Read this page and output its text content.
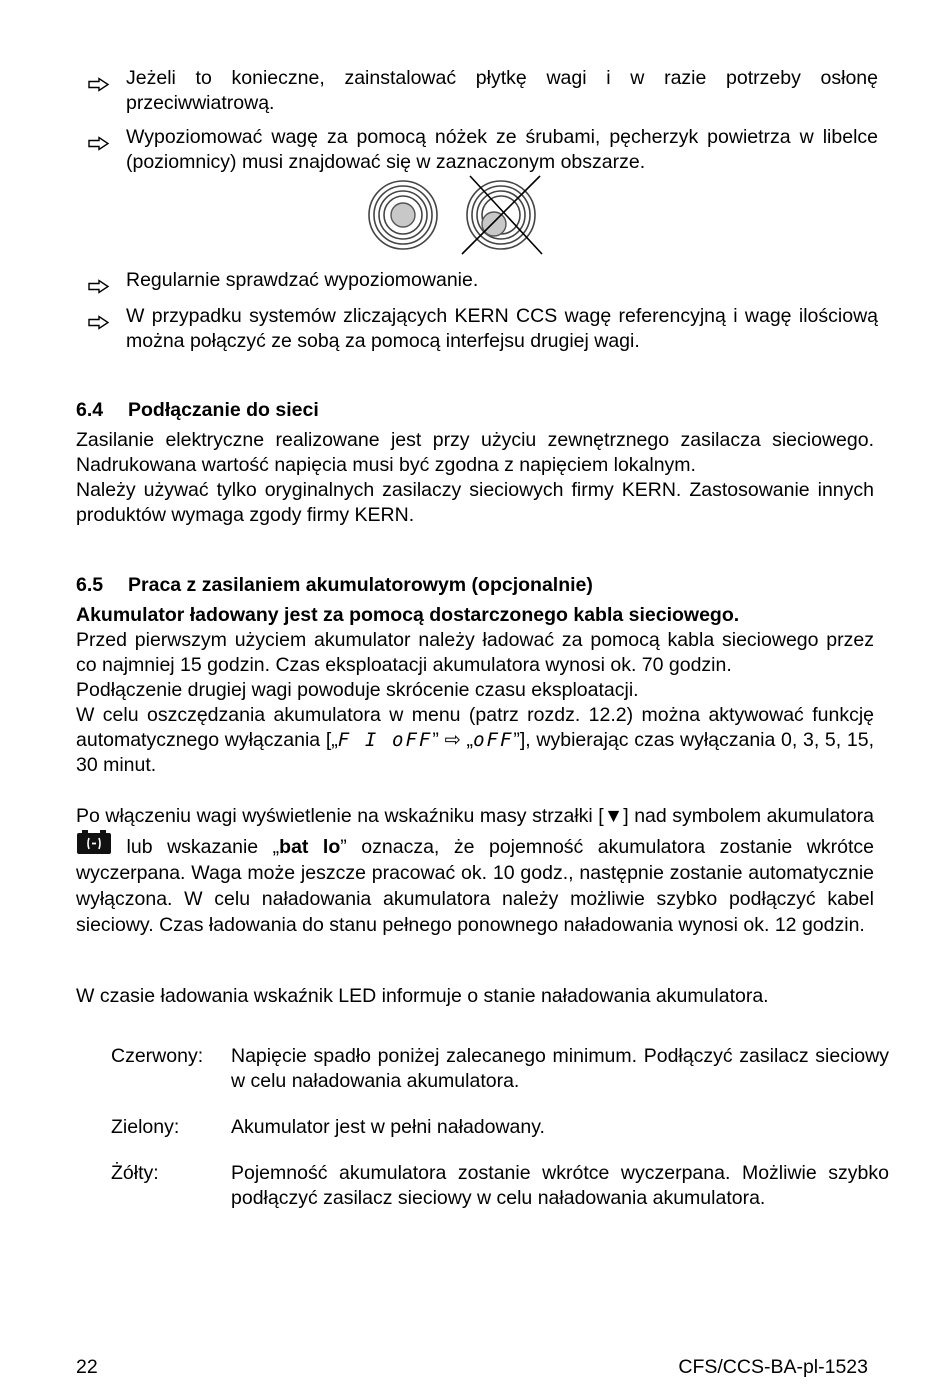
Jeżeli to konieczne, zainstalować płytkę wagi i w razie potrzeby osłonę przeciwwiatrową.
Wypoziomować wagę za pomocą nóżek ze śrubami, pęcherzyk powietrza w libelce (poziomnicy) musi znajdować się w zaznaczonym obszarze.
Regularnie sprawdzać wypoziomowanie.
W przypadku systemów zliczających KERN CCS wagę referencyjną i wagę ilościową można połączyć ze sobą za pomocą interfejsu drugiej wagi.
6.4 Podłączanie do sieci

Zasilanie elektryczne realizowane jest przy użyciu zewnętrznego zasilacza sieciowego. Nadrukowana wartość napięcia musi być zgodna z napięciem lokalnym.

Należy używać tylko oryginalnych zasilaczy sieciowych firmy KERN. Zastosowanie innych produktów wymaga zgody firmy KERN.

6.5 Praca z zasilaniem akumulatorowym (opcjonalnie)

Akumulator ładowany jest za pomocą dostarczonego kabla sieciowego.

Przed pierwszym użyciem akumulator należy ładować za pomocą kabla sieciowego przez co najmniej 15 godzin. Czas eksploatacji akumulatora wynosi ok. 70 godzin.

Podłączenie drugiej wagi powoduje skrócenie czasu eksploatacji.

W celu oszczędzania akumulatora w menu (patrz rozdz. 12.2) można aktywować funkcję automatycznego wyłączania [„F I oFF” ⇨ „oFF”], wybierając czas wyłączania 0, 3, 5, 15, 30 minut.

Po włączeniu wagi wyświetlenie na wskaźniku masy strzałki [▼] nad symbolem akumulatora  lub wskazanie „bat lo” oznacza, że pojemność akumulatora zostanie wkrótce wyczerpana. Waga może jeszcze pracować ok. 10 godz., następnie zostanie automatycznie wyłączona. W celu naładowania akumulatora należy możliwie szybko podłączyć kabel sieciowy. Czas ładowania do stanu pełnego ponownego naładowania wynosi ok. 12 godzin.

W czasie ładowania wskaźnik LED informuje o stanie naładowania akumulatora.

Czerwony: Napięcie spadło poniżej zalecanego minimum. Podłączyć zasilacz sieciowy w celu naładowania akumulatora.
Zielony:	Akumulator jest w pełni naładowany.
Żółty:	Pojemność akumulatora zostanie wkrótce wyczerpana. Możliwie szybko podłączyć zasilacz sieciowy w celu naładowania akumulatora.
22	CFS/CCS-BA-pl-1523
